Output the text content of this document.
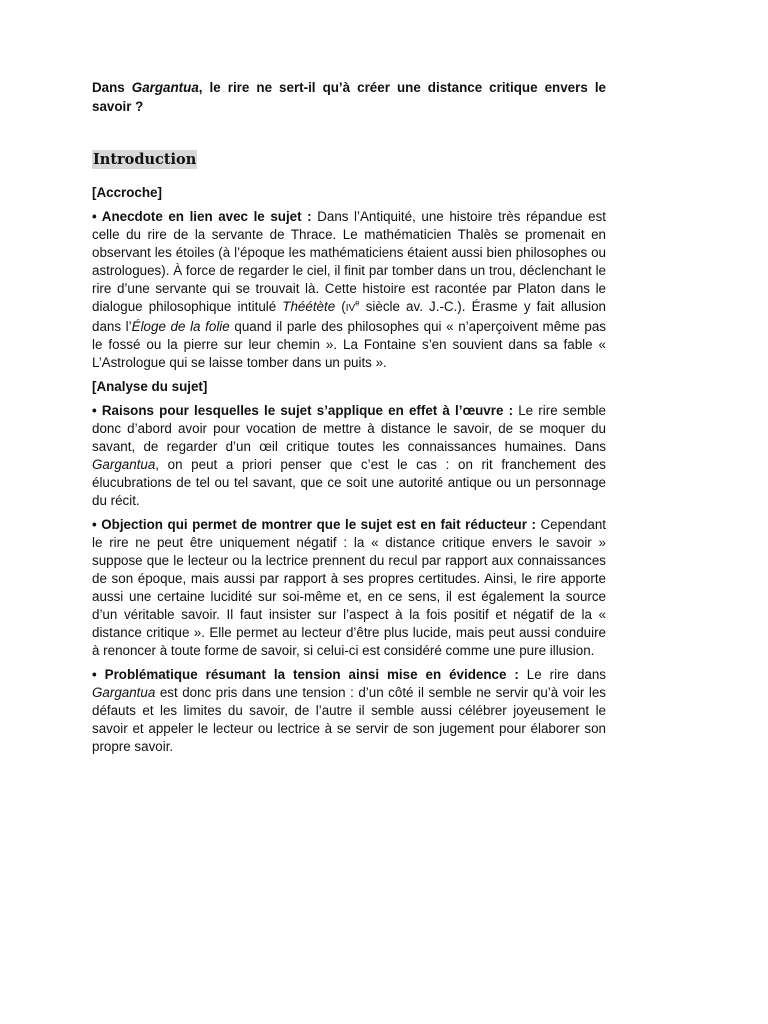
Dans Gargantua, le rire ne sert-il qu’à créer une distance critique envers le savoir ?

Introduction
[Accroche]

• Anecdote en lien avec le sujet : Dans l’Antiquité, une histoire très répandue est celle du rire de la servante de Thrace. Le mathématicien Thalès se promenait en observant les étoiles (à l’époque les mathématiciens étaient aussi bien philosophes ou astrologues). À force de regarder le ciel, il finit par tomber dans un trou, déclenchant le rire d’une servante qui se trouvait là. Cette histoire est racontée par Platon dans le dialogue philosophique intitulé Théétète (IVe siècle av. J.-C.). Érasme y fait allusion dans l’Éloge de la folie quand il parle des philosophes qui « n’aperçoivent même pas le fossé ou la pierre sur leur chemin ». La Fontaine s’en souvient dans sa fable « L’Astrologue qui se laisse tomber dans un puits ».

[Analyse du sujet]

• Raisons pour lesquelles le sujet s’applique en effet à l’œuvre : Le rire semble donc d’abord avoir pour vocation de mettre à distance le savoir, de se moquer du savant, de regarder d’un œil critique toutes les connaissances humaines. Dans Gargantua, on peut a priori penser que c’est le cas : on rit franchement des élucubrations de tel ou tel savant, que ce soit une autorité antique ou un personnage du récit.

• Objection qui permet de montrer que le sujet est en fait réducteur : Cependant le rire ne peut être uniquement négatif : la « distance critique envers le savoir » suppose que le lecteur ou la lectrice prennent du recul par rapport aux connaissances de son époque, mais aussi par rapport à ses propres certitudes. Ainsi, le rire apporte aussi une certaine lucidité sur soi-même et, en ce sens, il est également la source d’un véritable savoir. Il faut insister sur l’aspect à la fois positif et négatif de la « distance critique ». Elle permet au lecteur d’être plus lucide, mais peut aussi conduire à renoncer à toute forme de savoir, si celui-ci est considéré comme une pure illusion.

• Problématique résumant la tension ainsi mise en évidence : Le rire dans Gargantua est donc pris dans une tension : d’un côté il semble ne servir qu’à voir les défauts et les limites du savoir, de l’autre il semble aussi célébrer joyeusement le savoir et appeler le lecteur ou lectrice à se servir de son jugement pour élaborer son propre savoir.
